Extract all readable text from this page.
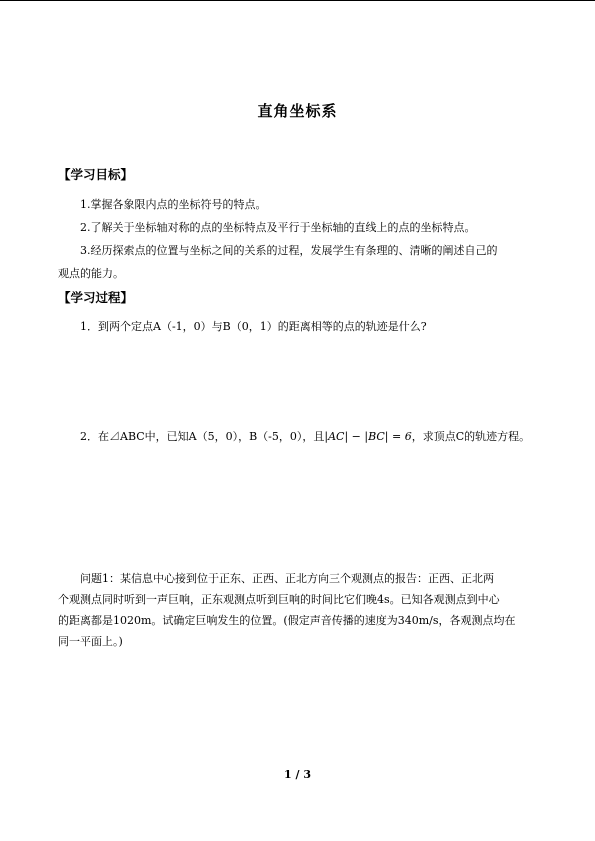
直角坐标系
【学习目标】
1.掌握各象限内点的坐标符号的特点。
2.了解关于坐标轴对称的点的坐标特点及平行于坐标轴的直线上的点的坐标特点。
3.经历探索点的位置与坐标之间的关系的过程，发展学生有条理的、清晰的阐述自己的
观点的能力。
【学习过程】
1．到两个定点A（-1，0）与B（0，1）的距离相等的点的轨迹是什么?
2．在⊿ABC中，已知A（5，0），B（-5，0），且|AC| − |BC| = 6，求顶点C的轨迹方程。
问题1：某信息中心接到位于正东、正西、正北方向三个观测点的报告：正西、正北两
个观测点同时听到一声巨响，正东观测点听到巨响的时间比它们晚4s。已知各观测点到中心
的距离都是1020m。试确定巨响发生的位置。(假定声音传播的速度为340m/s，各观测点均在
同一平面上。)
1 / 3
